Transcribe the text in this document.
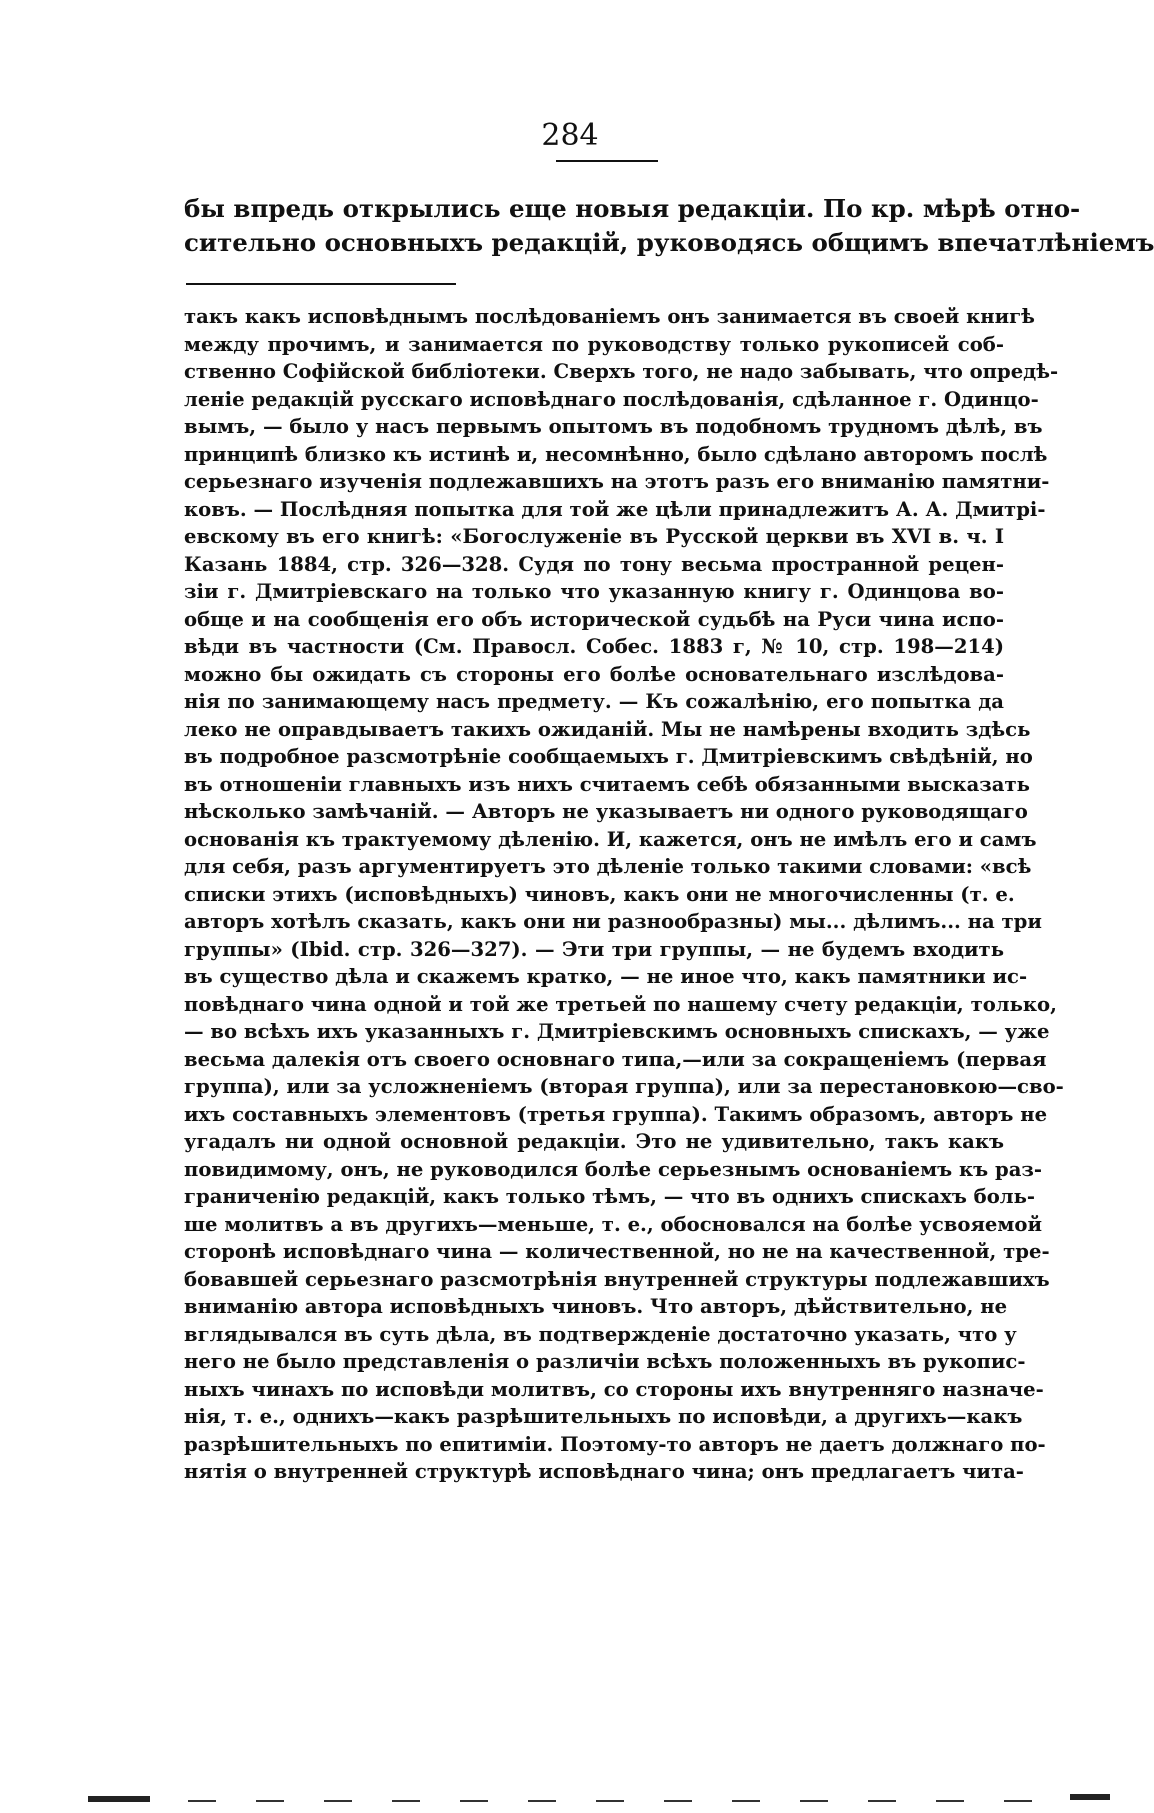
284
бы впредь открылись еще новыя редакціи. По кр. мѣрѣ отно-
сительно основныхъ редакцій, руководясь общимъ впечатлѣніемъ
такъ какъ исповѣднымъ послѣдованіемъ онъ занимается въ своей книгѣ
между прочимъ, и занимается по руководству только рукописей соб-
ственно Софійской библіотеки. Сверхъ того, не надо забывать, что опредѣ-
леніе редакцій русскаго исповѣднаго послѣдованія, сдѣланное г. Одинцо-
вымъ, — было у насъ первымъ опытомъ въ подобномъ трудномъ дѣлѣ, въ
принципѣ близко къ истинѣ и, несомнѣнно, было сдѣлано авторомъ послѣ
серьезнаго изученія подлежавшихъ на этотъ разъ его вниманію памятни-
ковъ. — Послѣдняя попытка для той же цѣли принадлежитъ А. А. Дмитрі-
евскому въ его книгѣ: «Богослуженіе въ Русской церкви въ XVI в. ч. I
Казань 1884, стр. 326—328. Судя по тону весьма пространной рецен-
зіи г. Дмитріевскаго на только что указанную книгу г. Одинцова во-
обще и на сообщенія его объ исторической судьбѣ на Руси чина испо-
вѣди въ частности (См. Правосл. Собес. 1883 г, № 10, стр. 198—214)
можно бы ожидать съ стороны его болѣе основательнаго изслѣдова-
нія по занимающему насъ предмету. — Къ сожалѣнію, его попытка да
леко не оправдываетъ такихъ ожиданій. Мы не намѣрены входить здѣсь
въ подробное разсмотрѣніе сообщаемыхъ г. Дмитріевскимъ свѣдѣній, но
въ отношеніи главныхъ изъ нихъ считаемъ себѣ обязанными высказать
нѣсколько замѣчаній. — Авторъ не указываетъ ни одного руководящаго
основанія къ трактуемому дѣленію. И, кажется, онъ не имѣлъ его и самъ
для себя, разъ аргументируетъ это дѣленіе только такими словами: «всѣ
списки этихъ (исповѣдныхъ) чиновъ, какъ они не многочисленны (т. е.
авторъ хотѣлъ сказать, какъ они ни разнообразны) мы... дѣлимъ... на три
группы» (Ibid. стр. 326—327). — Эти три группы, — не будемъ входить
въ существо дѣла и скажемъ кратко, — не иное что, какъ памятники ис-
повѣднаго чина одной и той же третьей по нашему счету редакціи, только,
— во всѣхъ ихъ указанныхъ г. Дмитріевскимъ основныхъ спискахъ, — уже
весьма далекія отъ своего основнаго типа,—или за сокращеніемъ (первая
группа), или за усложненіемъ (вторая группа), или за перестановкою—сво-
ихъ составныхъ элементовъ (третья группа). Такимъ образомъ, авторъ не
угадалъ ни одной основной редакціи. Это не удивительно, такъ какъ
повидимому, онъ, не руководился болѣе серьезнымъ основаніемъ къ раз-
граниченію редакцій, какъ только тѣмъ, — что въ однихъ спискахъ боль-
ше молитвъ а въ другихъ—меньше, т. е., обосновался на болѣе усвояемой
сторонѣ исповѣднаго чина — количественной, но не на качественной, тре-
бовавшей серьезнаго разсмотрѣнія внутренней структуры подлежавшихъ
вниманію автора исповѣдныхъ чиновъ. Что авторъ, дѣйствительно, не
вглядывался въ суть дѣла, въ подтвержденіе достаточно указать, что у
него не было представленія о различіи всѣхъ положенныхъ въ рукопис-
ныхъ чинахъ по исповѣди молитвъ, со стороны ихъ внутренняго назначе-
нія, т. е., однихъ—какъ разрѣшительныхъ по исповѣди, а другихъ—какъ
разрѣшительныхъ по епитиміи. Поэтому-то авторъ не даетъ должнаго по-
нятія о внутренней структурѣ исповѣднаго чина; онъ предлагаетъ чита-
